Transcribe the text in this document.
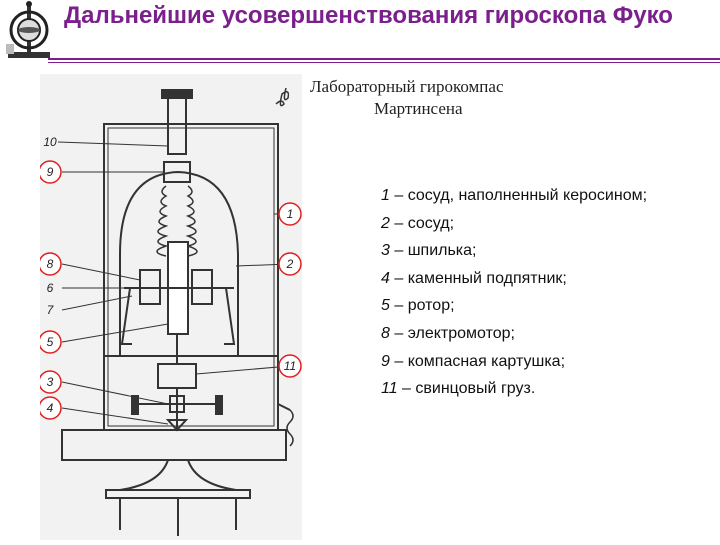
Дальнейшие усовершенствования гироскопа Фуко
Лабораторный гирокомпас
Мартинсена
10
9
8
6
7
5
3
4
1
2
11
1 – сосуд, наполненный керосином;
2 – сосуд;
3 – шпилька;
4 – каменный подпятник;
5 – ротор;
8 – электромотор;
9 – компасная картушка;
11 – свинцовый груз.
